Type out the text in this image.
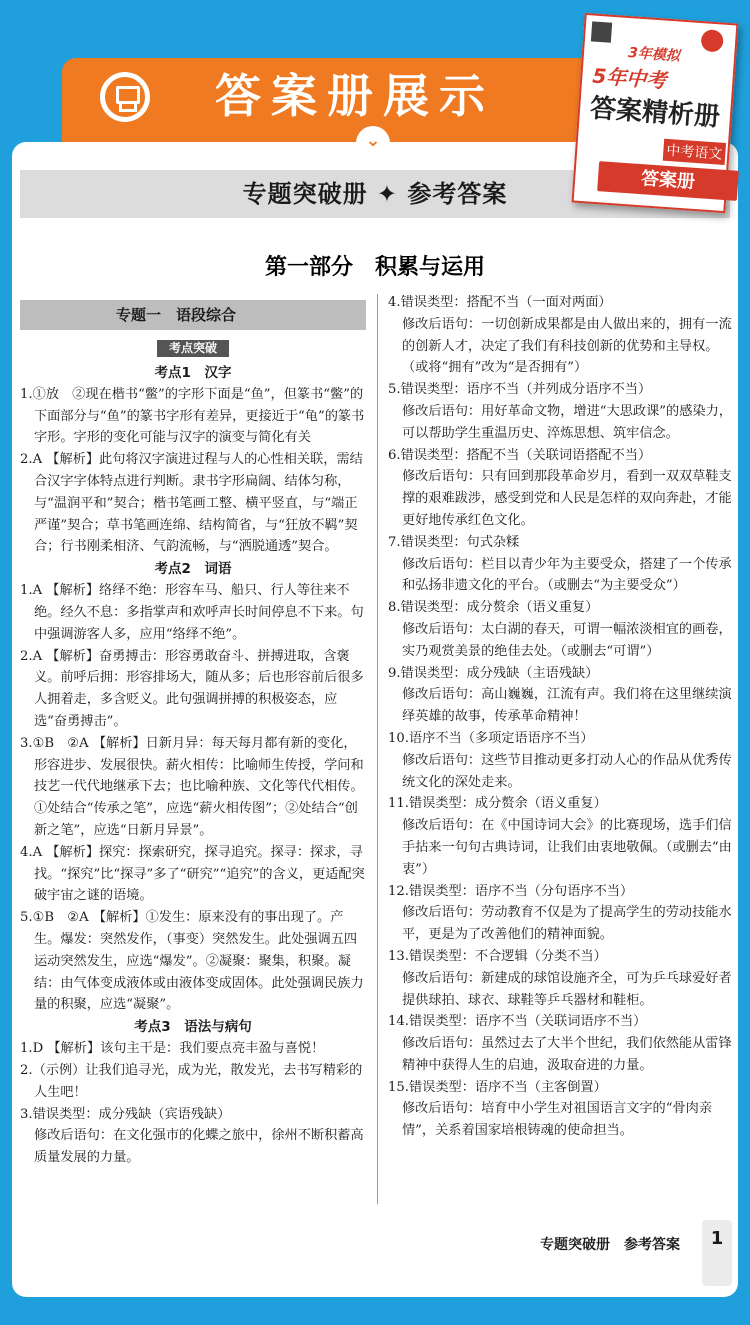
答案册展示
专题突破册 ✦ 参考答案
第一部分　积累与运用
专题一　语段综合
考点突破
考点1　汉字
1.①放　②现在楷书“鳖”的字形下面是“鱼”，但篆书“鳖”的下面部分与“鱼”的篆书字形有差异，更接近于“龟”的篆书字形。字形的变化可能与汉字的演变与简化有关
2.A 【解析】此句将汉字演进过程与人的心性相关联，需结合汉字字体特点进行判断。隶书字形扁阔、结体匀称，与“温润平和”契合；楷书笔画工整、横平竖直，与“端正严谨”契合；草书笔画连绵、结构简省，与“狂放不羁”契合；行书刚柔相济、气韵流畅，与“洒脱通透”契合。
考点2　词语
1.A 【解析】络绎不绝：形容车马、船只、行人等往来不绝。经久不息：多指掌声和欢呼声长时间停息不下来。句中强调游客人多，应用“络绎不绝”。
2.A 【解析】奋勇搏击：形容勇敢奋斗、拼搏进取，含褒义。前呼后拥：形容排场大，随从多；后也形容前后很多人拥着走，多含贬义。此句强调拼搏的积极姿态，应选“奋勇搏击”。
3.①B　②A 【解析】日新月异：每天每月都有新的变化，形容进步、发展很快。薪火相传：比喻师生传授，学问和技艺一代代地继承下去；也比喻种族、文化等代代相传。①处结合“传承之笔”，应选“薪火相传图”；②处结合“创新之笔”，应选“日新月异景”。
4.A 【解析】探究：探索研究，探寻追究。探寻：探求，寻找。“探究”比“探寻”多了“研究”“追究”的含义，更适配突破宇宙之谜的语境。
5.①B　②A 【解析】①发生：原来没有的事出现了。产生。爆发：突然发作，（事变）突然发生。此处强调五四运动突然发生，应选“爆发”。②凝聚：聚集，积聚。凝结：由气体变成液体或由液体变成固体。此处强调民族力量的积聚，应选“凝聚”。
考点3　语法与病句
1.D 【解析】该句主干是：我们要点亮丰盈与喜悦！
2.（示例）让我们追寻光，成为光，散发光，去书写精彩的人生吧！
3.错误类型：成分残缺（宾语残缺）
修改后语句：在文化强市的化蝶之旅中，徐州不断积蓄高质量发展的力量。
4.错误类型：搭配不当（一面对两面）
修改后语句：一切创新成果都是由人做出来的，拥有一流的创新人才，决定了我们有科技创新的优势和主导权。（或将“拥有”改为“是否拥有”）
5.错误类型：语序不当（并列成分语序不当）
修改后语句：用好革命文物，增进“大思政课”的感染力，可以帮助学生重温历史、淬炼思想、筑牢信念。
6.错误类型：搭配不当（关联词语搭配不当）
修改后语句：只有回到那段革命岁月，看到一双双草鞋支撑的艰难跋涉，感受到党和人民是怎样的双向奔赴，才能更好地传承红色文化。
7.错误类型：句式杂糅
修改后语句：栏目以青少年为主要受众，搭建了一个传承和弘扬非遗文化的平台。（或删去“为主要受众”）
8.错误类型：成分赘余（语义重复）
修改后语句：太白湖的春天，可谓一幅浓淡相宜的画卷，实乃观赏美景的绝佳去处。（或删去“可谓”）
9.错误类型：成分残缺（主语残缺）
修改后语句：高山巍巍，江流有声。我们将在这里继续演绎英雄的故事，传承革命精神！
10.语序不当（多项定语语序不当）
修改后语句：这些节目推动更多打动人心的作品从优秀传统文化的深处走来。
11.错误类型：成分赘余（语义重复）
修改后语句：在《中国诗词大会》的比赛现场，选手们信手拈来一句句古典诗词，让我们由衷地敬佩。（或删去“由衷”）
12.错误类型：语序不当（分句语序不当）
修改后语句：劳动教育不仅是为了提高学生的劳动技能水平，更是为了改善他们的精神面貌。
13.错误类型：不合逻辑（分类不当）
修改后语句：新建成的球馆设施齐全，可为乒乓球爱好者提供球拍、球衣、球鞋等乒乓器材和鞋柜。
14.错误类型：语序不当（关联词语序不当）
修改后语句：虽然过去了大半个世纪，我们依然能从雷锋精神中获得人生的启迪，汲取奋进的力量。
15.错误类型：语序不当（主客倒置）
修改后语句：培育中小学生对祖国语言文字的“骨肉亲情”，关系着国家培根铸魂的使命担当。
专题突破册　参考答案	1
⌄
5年中考
3年模拟
答案精析册
中考语文
答案册
